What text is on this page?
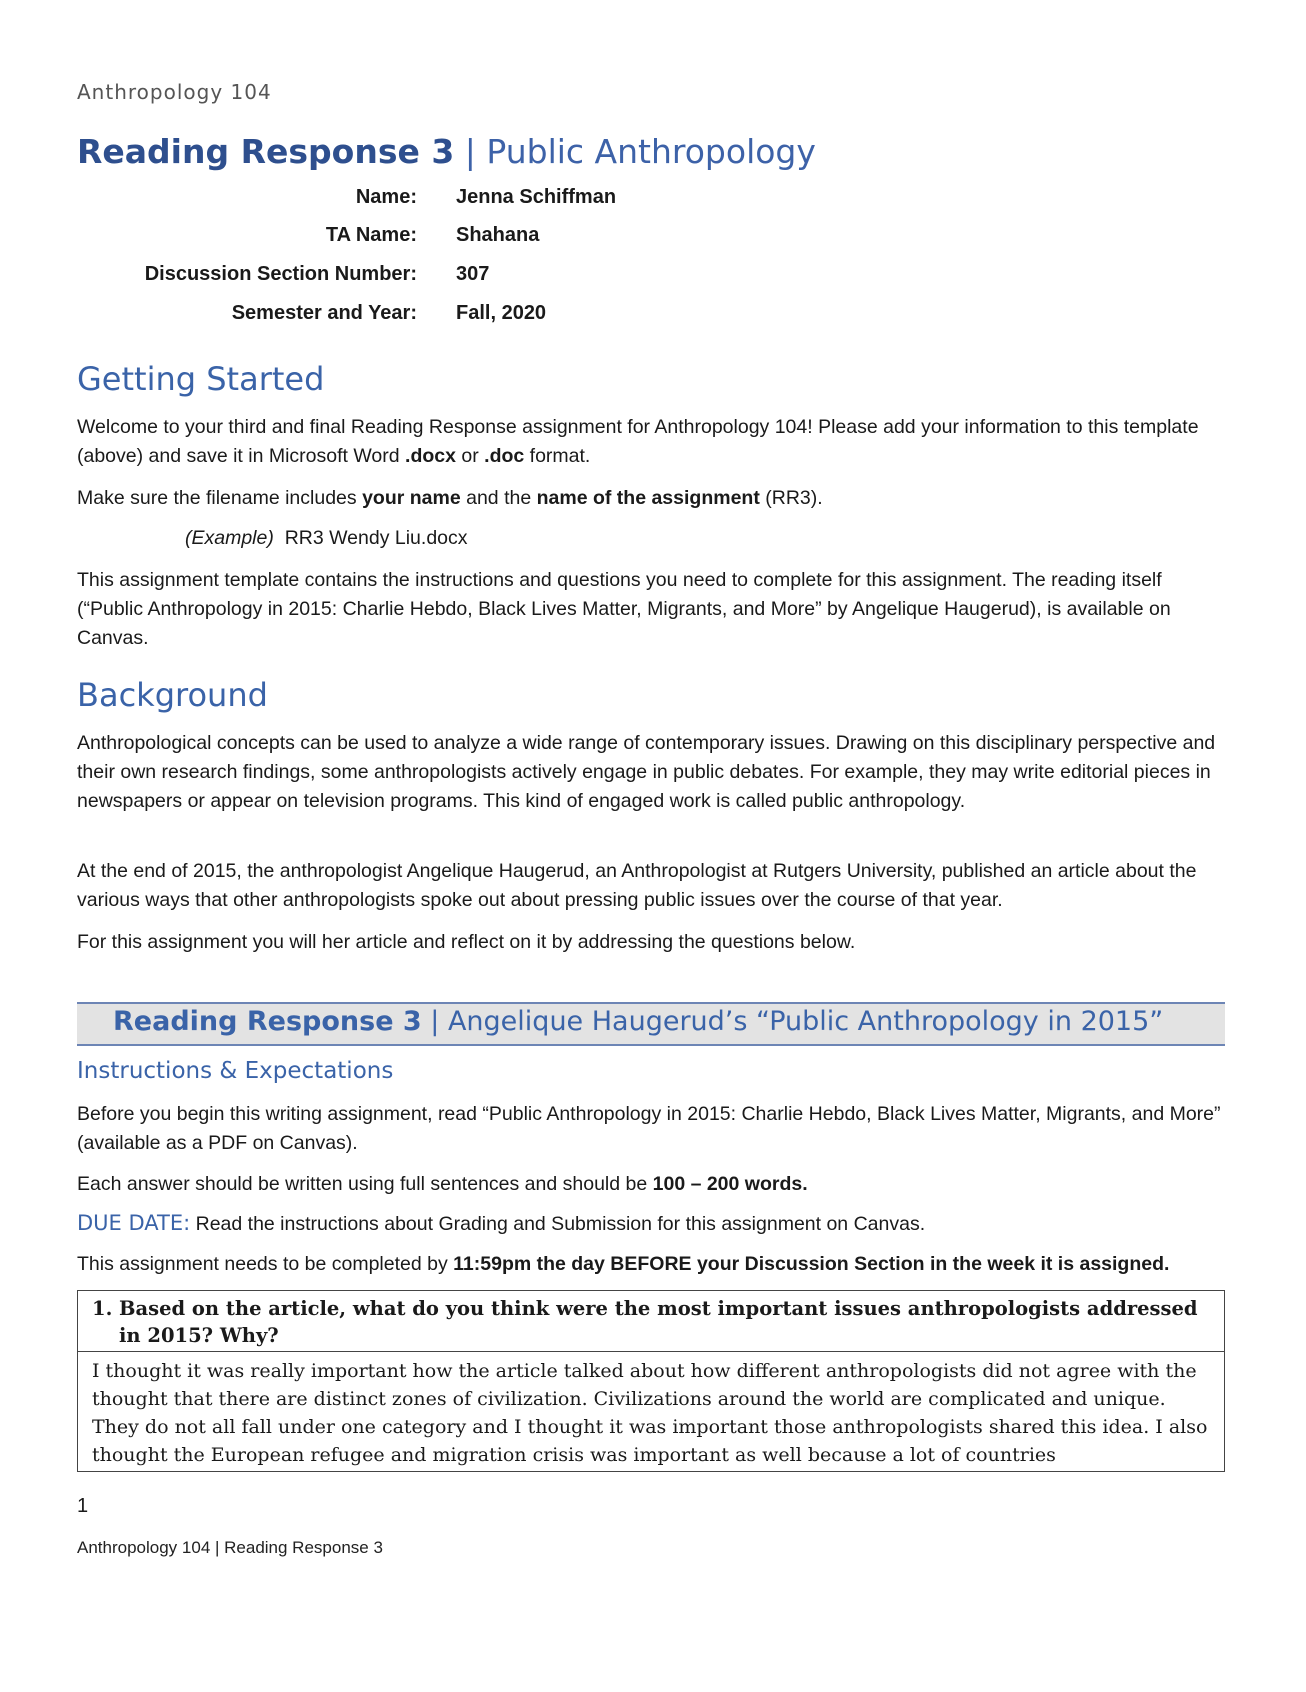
Anthropology 104
Reading Response 3 | Public Anthropology
Name: Jenna Schiffman
TA Name: Shahana
Discussion Section Number: 307
Semester and Year: Fall, 2020
Getting Started

Welcome to your third and final Reading Response assignment for Anthropology 104! Please add your information to this template (above) and save it in Microsoft Word .docx or .doc format.

Make sure the filename includes your name and the name of the assignment (RR3).

(Example)  RR3 Wendy Liu.docx

This assignment template contains the instructions and questions you need to complete for this assignment. The reading itself (“Public Anthropology in 2015: Charlie Hebdo, Black Lives Matter, Migrants, and More” by Angelique Haugerud), is available on Canvas.

Background

Anthropological concepts can be used to analyze a wide range of contemporary issues. Drawing on this disciplinary perspective and their own research findings, some anthropologists actively engage in public debates. For example, they may write editorial pieces in newspapers or appear on television programs. This kind of engaged work is called public anthropology.

At the end of 2015, the anthropologist Angelique Haugerud, an Anthropologist at Rutgers University, published an article about the various ways that other anthropologists spoke out about pressing public issues over the course of that year.

For this assignment you will her article and reflect on it by addressing the questions below.

Reading Response 3 | Angelique Haugerud’s “Public Anthropology in 2015”
Instructions & Expectations

Before you begin this writing assignment, read “Public Anthropology in 2015: Charlie Hebdo, Black Lives Matter, Migrants, and More” (available as a PDF on Canvas).

Each answer should be written using full sentences and should be 100 – 200 words.

DUE DATE: Read the instructions about Grading and Submission for this assignment on Canvas.

This assignment needs to be completed by 11:59pm the day BEFORE your Discussion Section in the week it is assigned.

1. Based on the article, what do you think were the most important issues anthropologists addressed in 2015? Why?
I thought it was really important how the article talked about how different anthropologists did not agree with the thought that there are distinct zones of civilization. Civilizations around the world are complicated and unique. They do not all fall under one category and I thought it was important those anthropologists shared this idea. I also thought the European refugee and migration crisis was important as well because a lot of countries
1
Anthropology 104 | Reading Response 3
